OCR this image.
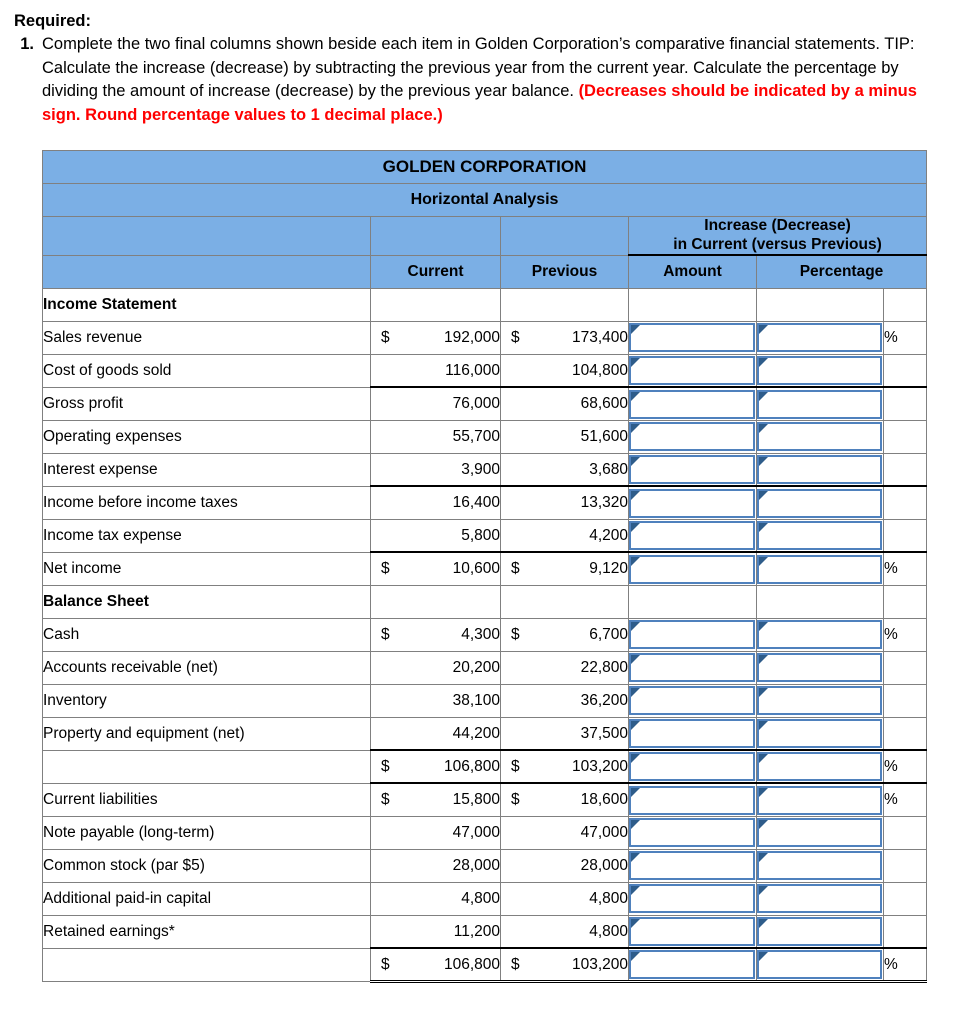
Required:
1. Complete the two final columns shown beside each item in Golden Corporation’s comparative financial statements. TIP: Calculate the increase (decrease) by subtracting the previous year from the current year. Calculate the percentage by dividing the amount of increase (decrease) by the previous year balance. (Decreases should be indicated by a minus sign. Round percentage values to 1 decimal place.)
GOLDEN CORPORATION					
Horizontal Analysis					

			Increase (Decrease)
in Current (versus Previous)		

	Current	Previous	Amount	Percentage	
Income Statement					
Sales revenue	$ 192,000	$ 173,400			%
Cost of goods sold	116,000	104,800	

Gross profit	76,000	68,600	

Operating expenses	55,700	51,600	

Interest expense	3,900	3,680	

Income before income taxes	16,400	13,320	

Income tax expense	5,800	4,200	

Net income	$ 10,600	$ 9,120			%
Balance Sheet					
Cash	$ 4,300	$ 6,700			%
Accounts receivable (net)	20,200	22,800	

Inventory	38,100	36,200	

Property and equipment (net)	44,200	37,500	

	$ 106,800	$ 103,200			%
Current liabilities	$ 15,800	$ 18,600			%
Note payable (long-term)	47,000	47,000	

Common stock (par $5)	28,000	28,000	

Additional paid-in capital	4,800	4,800	

Retained earnings*	11,200	4,800	

	$ 106,800	$ 103,200			%
